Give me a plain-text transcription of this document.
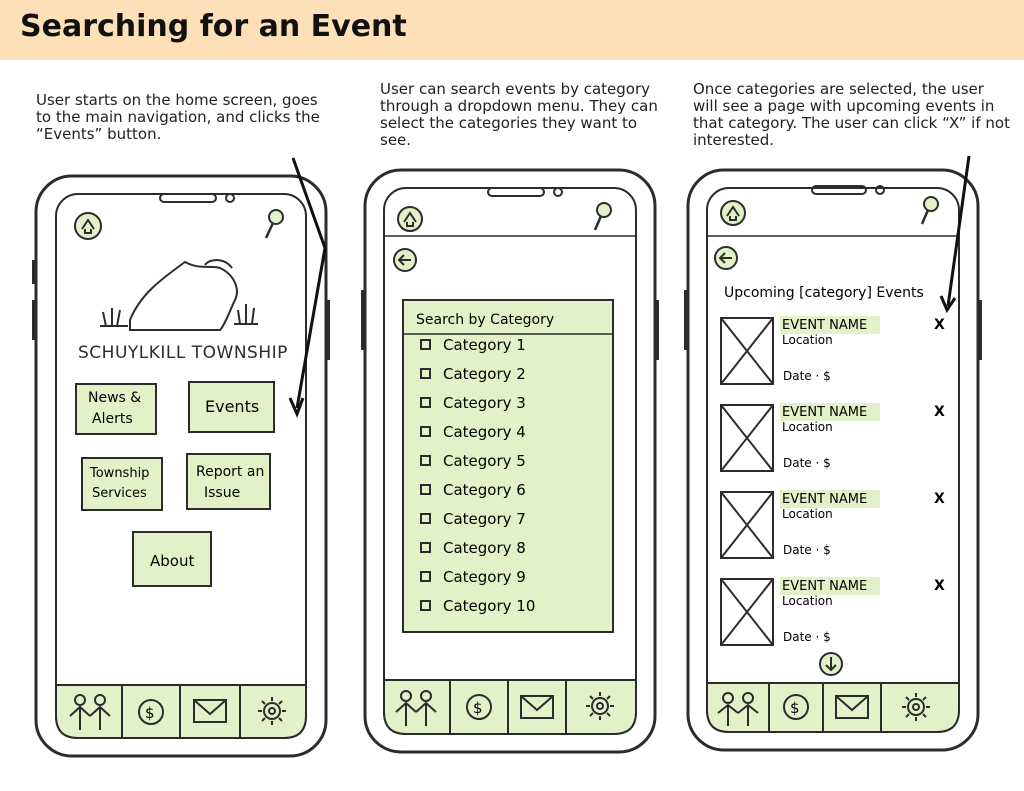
Searching for an Event
User starts on the home screen, goes to the main navigation, and clicks the “Events” button.
User can search events by category through a dropdown menu. They can select the categories they want to see.
Once categories are selected, the user will see a page with upcoming events in that category. The user can click “X” if not interested.
SCHUYLKILL TOWNSHIP
News &
Alerts
Events
Township
Services
Report an
Issue
About
$
Search by Category
Category 1
Category 2
Category 3
Category 4
Category 5
Category 6
Category 7
Category 8
Category 9
Category 10
$
Upcoming [category] Events
EVENT NAME
Location
Date · $
X
EVENT NAME
Location
Date · $
X
EVENT NAME
Location
Date · $
X
EVENT NAME
Location
Date · $
X
$
